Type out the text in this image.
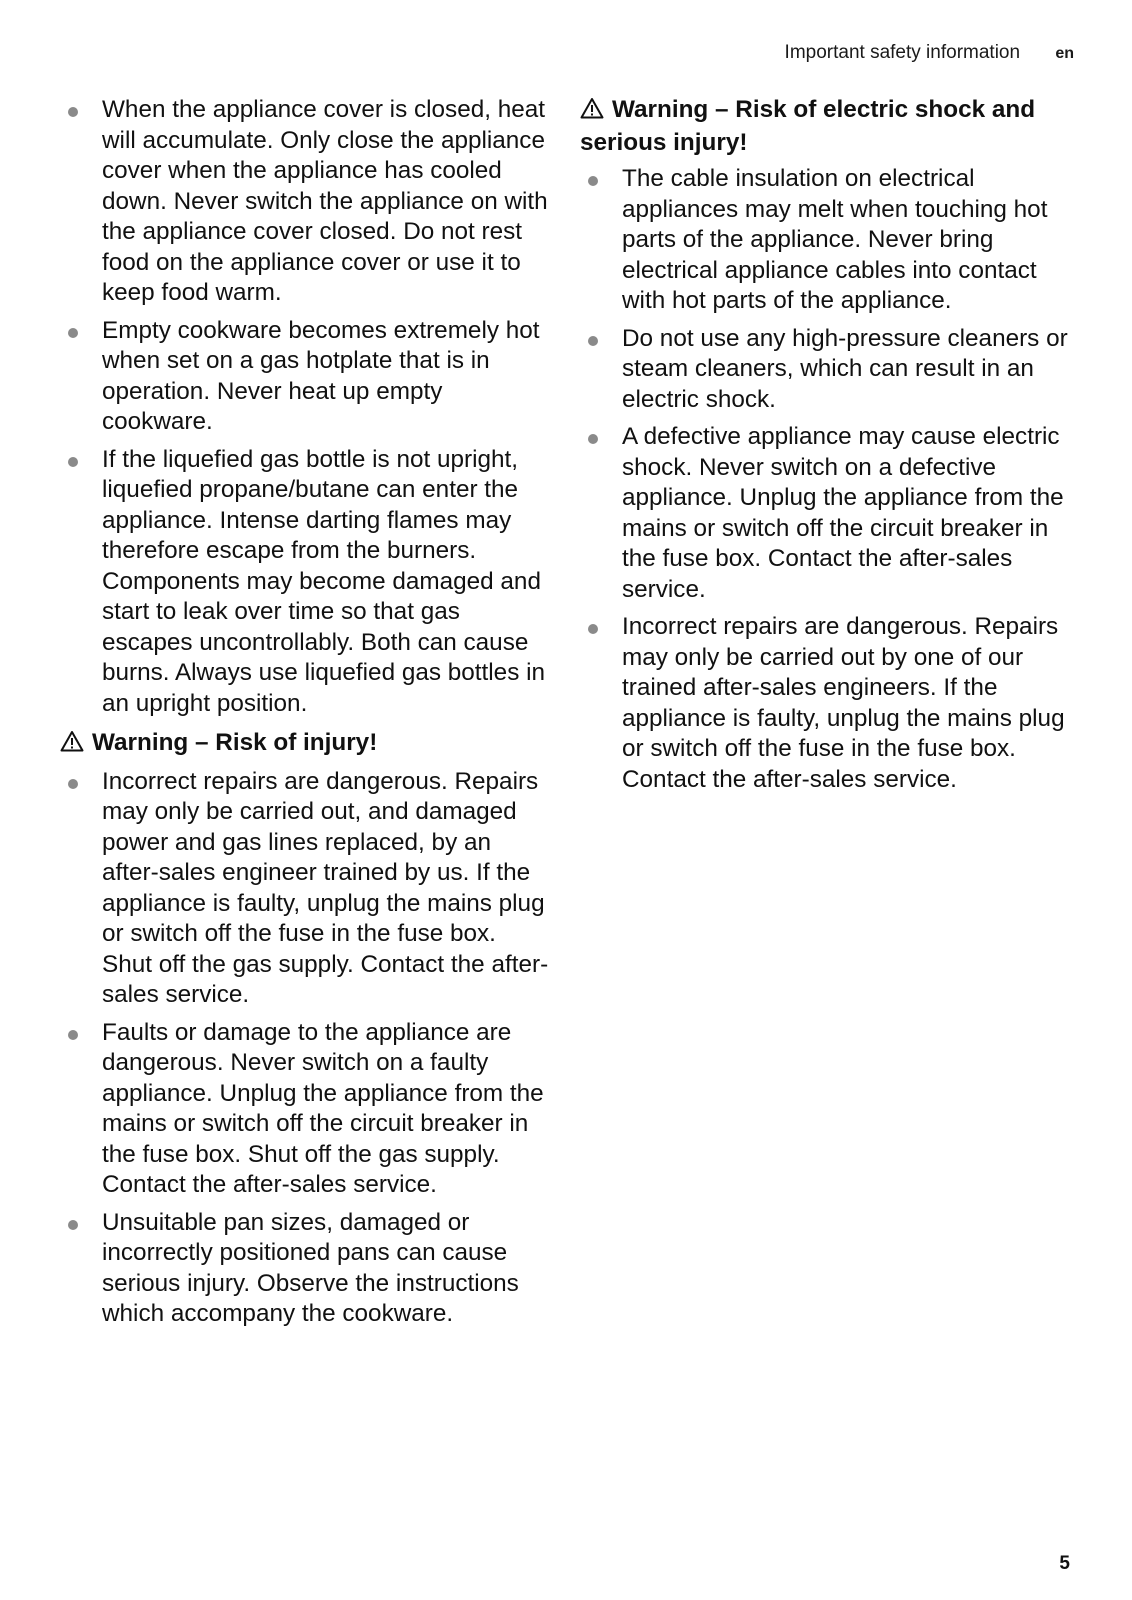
Important safety information en
When the appliance cover is closed, heat will accumulate. Only close the appliance cover when the appliance has cooled down. Never switch the appliance on with the appliance cover closed. Do not rest food on the appliance cover or use it to keep food warm.
Empty cookware becomes extremely hot when set on a gas hotplate that is in operation. Never heat up empty cookware.
If the liquefied gas bottle is not upright, liquefied propane/butane can enter the appliance. Intense darting flames may therefore escape from the burners. Components may become damaged and start to leak over time so that gas escapes uncontrollably. Both can cause burns. Always use liquefied gas bottles in an upright position.
Warning – Risk of injury!
Incorrect repairs are dangerous. Repairs may only be carried out, and damaged power and gas lines replaced, by an after-sales engineer trained by us. If the appliance is faulty, unplug the mains plug or switch off the fuse in the fuse box. Shut off the gas supply. Contact the after-sales service.
Faults or damage to the appliance are dangerous. Never switch on a faulty appliance. Unplug the appliance from the mains or switch off the circuit breaker in the fuse box. Shut off the gas supply. Contact the after-sales service.
Unsuitable pan sizes, damaged or incorrectly positioned pans can cause serious injury. Observe the instructions which accompany the cookware.
Warning – Risk of electric shock and serious injury!
The cable insulation on electrical appliances may melt when touching hot parts of the appliance. Never bring electrical appliance cables into contact with hot parts of the appliance.
Do not use any high-pressure cleaners or steam cleaners, which can result in an electric shock.
A defective appliance may cause electric shock. Never switch on a defective appliance. Unplug the appliance from the mains or switch off the circuit breaker in the fuse box. Contact the after-sales service.
Incorrect repairs are dangerous. Repairs may only be carried out by one of our trained after-sales engineers. If the appliance is faulty, unplug the mains plug or switch off the fuse in the fuse box. Contact the after-sales service.
5
